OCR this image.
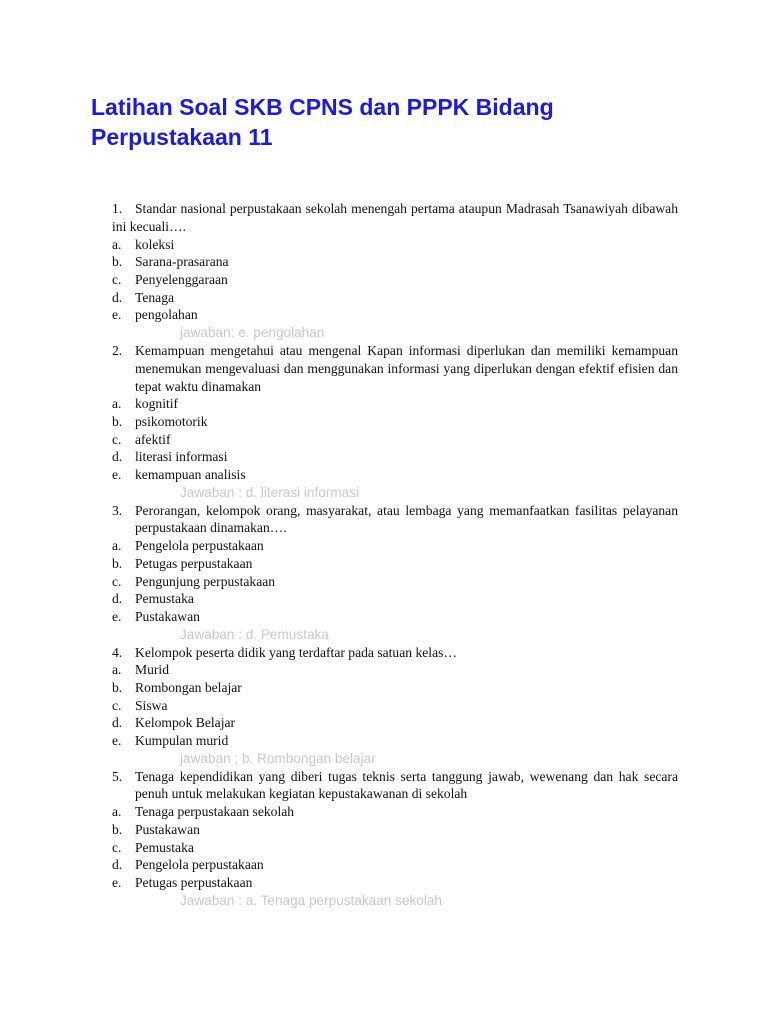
Latihan Soal SKB CPNS dan PPPK Bidang Perpustakaan 11
1. Standar nasional perpustakaan sekolah menengah pertama ataupun Madrasah Tsanawiyah dibawah ini kecuali….
a. koleksi
b. Sarana-prasarana
c. Penyelenggaraan
d. Tenaga
e. pengolahan
jawaban: e. pengolahan
2. Kemampuan mengetahui atau mengenal Kapan informasi diperlukan dan memiliki kemampuan menemukan mengevaluasi dan menggunakan informasi yang diperlukan dengan efektif efisien dan tepat waktu dinamakan
a. kognitif
b. psikomotorik
c. afektif
d. literasi informasi
e. kemampuan analisis
Jawaban : d. literasi informasi
3. Perorangan, kelompok orang, masyarakat, atau lembaga yang memanfaatkan fasilitas pelayanan perpustakaan dinamakan….
a. Pengelola perpustakaan
b. Petugas perpustakaan
c. Pengunjung perpustakaan
d. Pemustaka
e. Pustakawan
Jawaban : d. Pemustaka
4. Kelompok peserta didik yang terdaftar pada satuan kelas…
a. Murid
b. Rombongan belajar
c. Siswa
d. Kelompok Belajar
e. Kumpulan murid
jawaban ; b. Rombongan belajar
5. Tenaga kependidikan yang diberi tugas teknis serta tanggung jawab, wewenang dan hak secara penuh untuk melakukan kegiatan kepustakawanan di sekolah
a. Tenaga perpustakaan sekolah
b. Pustakawan
c. Pemustaka
d. Pengelola perpustakaan
e. Petugas perpustakaan
Jawaban : a. Tenaga perpustakaan sekolah
